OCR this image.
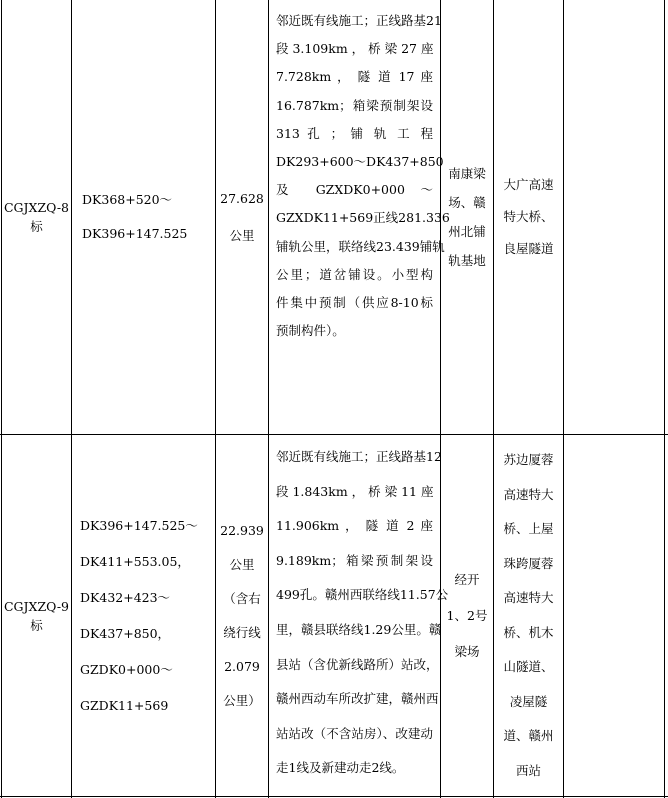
CGJXZQ-8
标
DK368+520～
DK396+147.525
27.628
公里
邻近既有线施工；正线路基21
段 3.109km ， 桥 梁 27 座
7.728km ， 隧 道 17 座
16.787km；箱梁预制架设
313 孔 ； 铺 轨 工 程
DK293+600～DK437+850
及 GZXDK0+000 ～
GZXDK11+569正线281.336
铺轨公里，联络线23.439铺轨
公里；道岔铺设。小型构
件集中预制（供应8-10标
预制构件）。
南康梁
场、赣
州北铺
轨基地
大广高速
特大桥、
良屋隧道
CGJXZQ-9
标
DK396+147.525～
DK411+553.05，
DK432+423～
DK437+850，
GZDK0+000～
GZDK11+569
22.939
公里
（含右
绕行线
2.079
公里）
邻近既有线施工；正线路基12
段 1.843km ， 桥 梁 11 座
11.906km ， 隧 道 2 座
9.189km；箱梁预制架设
499孔。赣州西联络线11.57公
里，赣县联络线1.29公里。赣
县站（含优新线路所）站改，
赣州西动车所改扩建，赣州西
站站改（不含站房）、改建动
走1线及新建动走2线。
经开
1、2号
梁场
苏边厦蓉
高速特大
桥、上屋
珠跨厦蓉
高速特大
桥、机木
山隧道、
凌屋隧
道、赣州
西站
